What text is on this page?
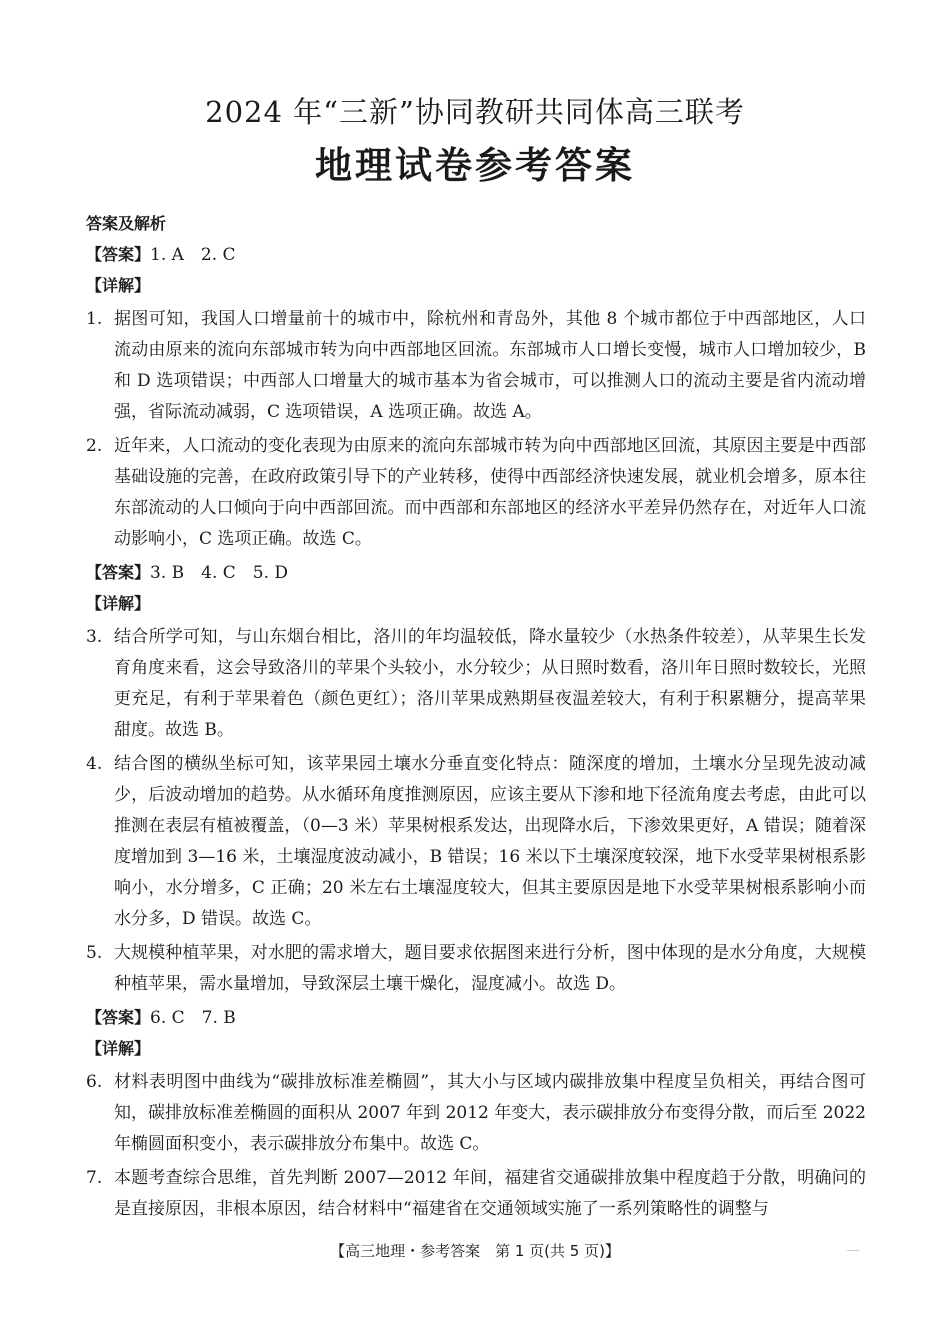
2024 年“三新”协同教研共同体高三联考
地理试卷参考答案
答案及解析
【答案】1. A　2. C
【详解】
1. 据图可知，我国人口增量前十的城市中，除杭州和青岛外，其他 8 个城市都位于中西部地区，人口流动由原来的流向东部城市转为向中西部地区回流。东部城市人口增长变慢，城市人口增加较少，B 和 D 选项错误；中西部人口增量大的城市基本为省会城市，可以推测人口的流动主要是省内流动增强，省际流动减弱，C 选项错误，A 选项正确。故选 A。
2. 近年来，人口流动的变化表现为由原来的流向东部城市转为向中西部地区回流，其原因主要是中西部基础设施的完善，在政府政策引导下的产业转移，使得中西部经济快速发展，就业机会增多，原本往东部流动的人口倾向于向中西部回流。而中西部和东部地区的经济水平差异仍然存在，对近年人口流动影响小，C 选项正确。故选 C。
【答案】3. B　4. C　5. D
【详解】
3. 结合所学可知，与山东烟台相比，洛川的年均温较低，降水量较少（水热条件较差），从苹果生长发育角度来看，这会导致洛川的苹果个头较小，水分较少；从日照时数看，洛川年日照时数较长，光照更充足，有利于苹果着色（颜色更红）；洛川苹果成熟期昼夜温差较大，有利于积累糖分，提高苹果甜度。故选 B。
4. 结合图的横纵坐标可知，该苹果园土壤水分垂直变化特点：随深度的增加，土壤水分呈现先波动减少，后波动增加的趋势。从水循环角度推测原因，应该主要从下渗和地下径流角度去考虑，由此可以推测在表层有植被覆盖，（0—3 米）苹果树根系发达，出现降水后，下渗效果更好，A 错误；随着深度增加到 3—16 米，土壤湿度波动减小，B 错误；16 米以下土壤深度较深，地下水受苹果树根系影响小，水分增多，C 正确；20 米左右土壤湿度较大，但其主要原因是地下水受苹果树根系影响小而水分多，D 错误。故选 C。
5. 大规模种植苹果，对水肥的需求增大，题目要求依据图来进行分析，图中体现的是水分角度，大规模种植苹果，需水量增加，导致深层土壤干燥化，湿度减小。故选 D。
【答案】6. C　7. B
【详解】
6. 材料表明图中曲线为“碳排放标准差椭圆”，其大小与区域内碳排放集中程度呈负相关，再结合图可知，碳排放标准差椭圆的面积从 2007 年到 2012 年变大，表示碳排放分布变得分散，而后至 2022 年椭圆面积变小，表示碳排放分布集中。故选 C。
7. 本题考查综合思维，首先判断 2007—2012 年间，福建省交通碳排放集中程度趋于分散，明确问的是直接原因，非根本原因，结合材料中“福建省在交通领域实施了一系列策略性的调整与
【高三地理・参考答案　第 1 页(共 5 页)】
